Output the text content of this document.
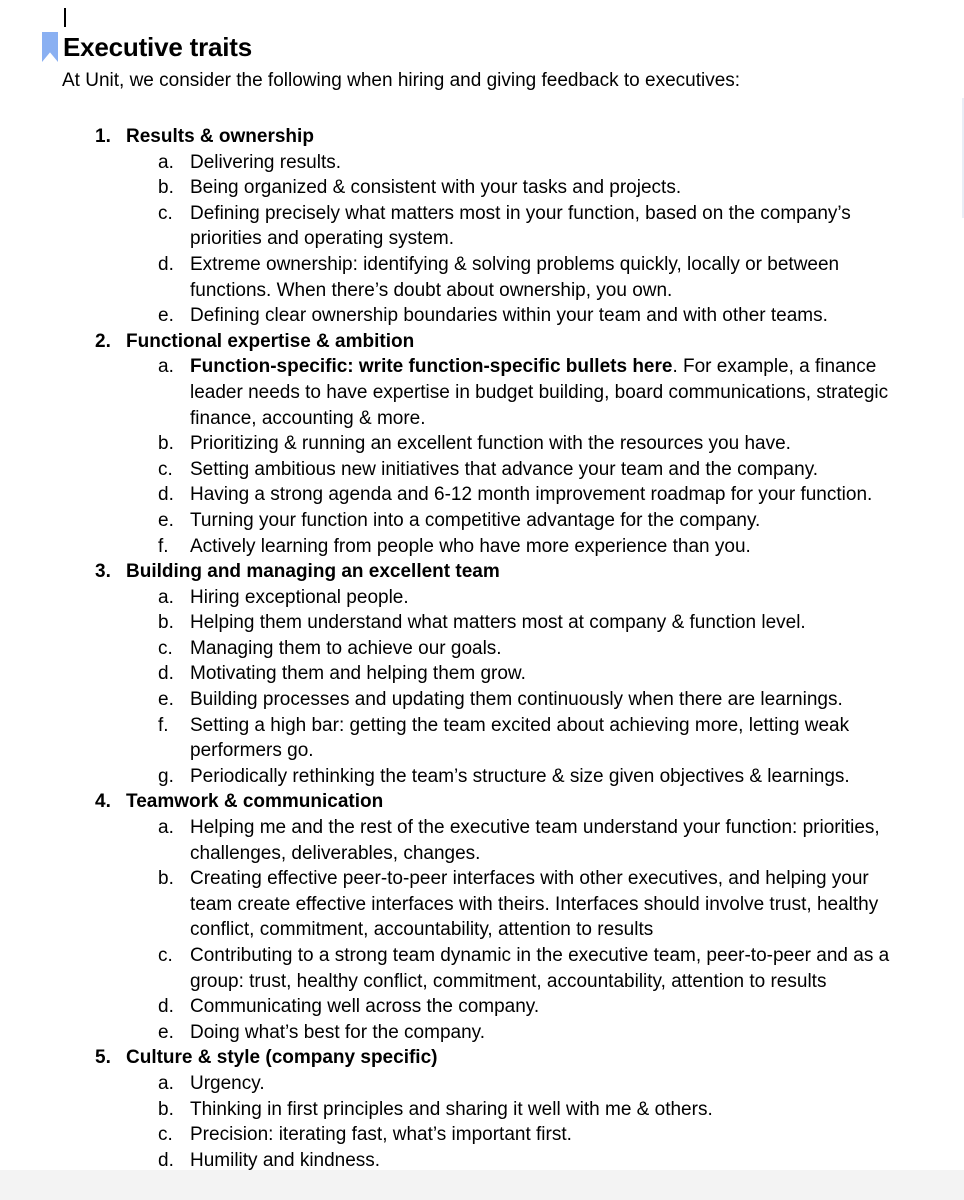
Executive traits
At Unit, we consider the following when hiring and giving feedback to executives:
1. Results & ownership
a. Delivering results.
b. Being organized & consistent with your tasks and projects.
c. Defining precisely what matters most in your function, based on the company’s priorities and operating system.
d. Extreme ownership: identifying & solving problems quickly, locally or between functions. When there’s doubt about ownership, you own.
e. Defining clear ownership boundaries within your team and with other teams.
2. Functional expertise & ambition
a. Function-specific: write function-specific bullets here. For example, a finance leader needs to have expertise in budget building, board communications, strategic finance, accounting & more.
b. Prioritizing & running an excellent function with the resources you have.
c. Setting ambitious new initiatives that advance your team and the company.
d. Having a strong agenda and 6-12 month improvement roadmap for your function.
e. Turning your function into a competitive advantage for the company.
f. Actively learning from people who have more experience than you.
3. Building and managing an excellent team
a. Hiring exceptional people.
b. Helping them understand what matters most at company & function level.
c. Managing them to achieve our goals.
d. Motivating them and helping them grow.
e. Building processes and updating them continuously when there are learnings.
f. Setting a high bar: getting the team excited about achieving more, letting weak performers go.
g. Periodically rethinking the team’s structure & size given objectives & learnings.
4. Teamwork & communication
a. Helping me and the rest of the executive team understand your function: priorities, challenges, deliverables, changes.
b. Creating effective peer-to-peer interfaces with other executives, and helping your team create effective interfaces with theirs. Interfaces should involve trust, healthy conflict, commitment, accountability, attention to results
c. Contributing to a strong team dynamic in the executive team, peer-to-peer and as a group: trust, healthy conflict, commitment, accountability, attention to results
d. Communicating well across the company.
e. Doing what’s best for the company.
5. Culture & style (company specific)
a. Urgency.
b. Thinking in first principles and sharing it well with me & others.
c. Precision: iterating fast, what’s important first.
d. Humility and kindness.
